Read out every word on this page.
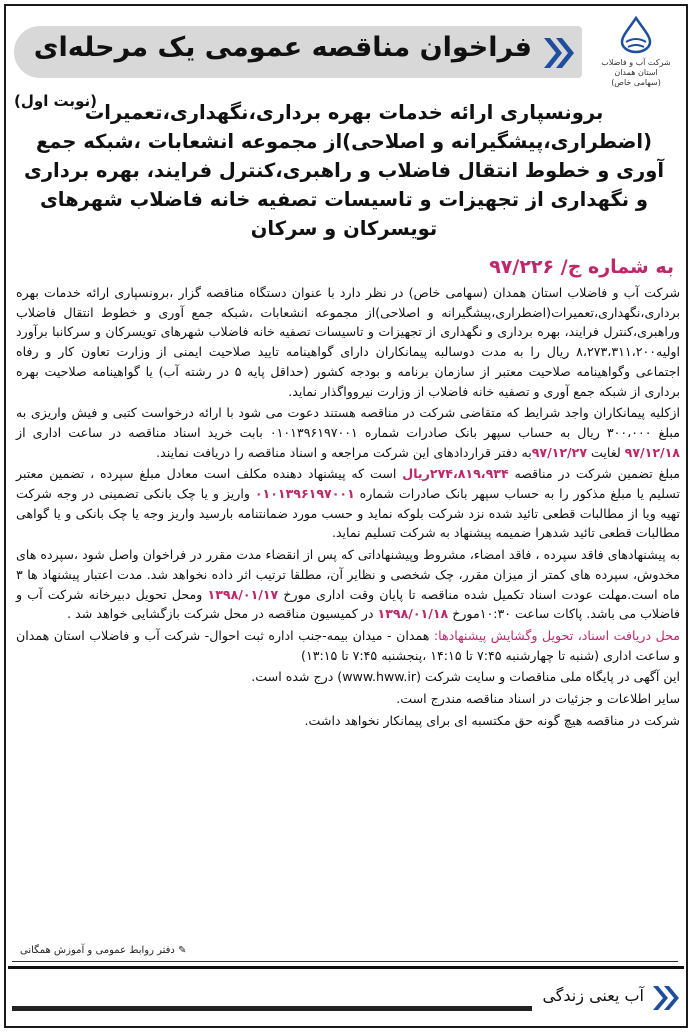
فراخوان مناقصه عمومی یک مرحله‌ای	شرکت آب و فاضلاب
استان همدان
(سهامی خاص)
(نوبت اول)
برونسپاری ارائه خدمات بهره برداری،نگهداری،تعمیرات (اضطراری،پیشگیرانه و اصلاحی)از مجموعه انشعابات ،شبکه جمع آوری و خطوط انتقال فاضلاب و راهبری،کنترل فرایند، بهره برداری و نگهداری از تجهیزات و تاسیسات تصفیه خانه فاضلاب شهرهای تویسرکان و سرکان
به شماره ج/ ۹۷/۲۲۶

شرکت آب و فاضلاب استان همدان (سهامی خاص) در نظر دارد با عنوان دستگاه مناقصه گزار ،برونسپاری ارائه خدمات بهره برداری،نگهداری،تعمیرات(اضطراری،پیشگیرانه و اصلاحی)از مجموعه انشعابات ،شبکه جمع آوری و خطوط انتقال فاضلاب وراهبری،کنترل فرایند، بهره برداری و نگهداری از تجهیزات و تاسیسات تصفیه خانه فاضلاب شهرهای تویسرکان و سرکانبا برآورد اولیه۸،۲۷۳،۳۱۱،۲۰۰ ریال را به مدت دوسالبه پیمانکاران دارای گواهینامه تایید صلاحیت ایمنی از وزارت تعاون کار و رفاه اجتماعی وگواهینامه صلاحیت معتبر از سازمان برنامه و بودجه کشور (حداقل پایه ۵ در رشته آب) یا گواهینامه صلاحیت بهره برداری از شبکه جمع آوری و تصفیه خانه فاضلاب از وزارت نیروواگذار نماید.

ازکلیه پیمانکاران واجد شرایط که متقاضی شرکت در مناقصه هستند دعوت می شود با ارائه درخواست کتبی و فیش واریزی به مبلغ ۳۰۰،۰۰۰ ریال به حساب سپهر بانک صادرات شماره ۰۱۰۱۳۹۶۱۹۷۰۰۱ بابت خرید اسناد مناقصه در ساعت اداری از ۹۷/۱۲/۱۸ لغایت ۹۷/۱۲/۲۷به دفتر قراردادهای این شرکت مراجعه و اسناد مناقصه را دریافت نمایند.

مبلغ تضمین شرکت در مناقصه ۲۷۴،۸۱۹،۹۳۴ریال است که پیشنهاد دهنده مکلف است معادل مبلغ سپرده ، تضمین معتبر تسلیم یا مبلغ مذکور را به حساب سپهر بانک صادرات شماره ۰۱۰۱۳۹۶۱۹۷۰۰۱ واریز و یا چک بانکی تضمینی در وجه شرکت تهیه ویا از مطالبات قطعی تائید شده نزد شرکت بلوکه نماید و حسب مورد ضمانتنامه بارسید واریز وجه یا چک بانکی و یا گواهی مطالبات قطعی تائید شدهرا ضمیمه پیشنهاد به شرکت تسلیم نماید.

به پیشنهادهای فاقد سپرده ، فاقد امضاء، مشروط وپیشنهاداتی که پس از انقضاء مدت مقرر در فراخوان واصل شود ،سپرده های مخدوش، سپرده های کمتر از میزان مقرر، چک شخصی و نظایر آن، مطلقا ترتیب اثر داده نخواهد شد. مدت اعتبار پیشنهاد ها ۳ ماه است.مهلت عودت اسناد تکمیل شده مناقصه تا پایان وقت اداری مورخ ۱۳۹۸/۰۱/۱۷ ومحل تحویل دبیرخانه شرکت آب و فاضلاب می باشد. پاکات ساعت ۱۰:۳۰مورخ ۱۳۹۸/۰۱/۱۸ در کمیسیون مناقصه در محل شرکت بازگشایی خواهد شد .

محل دریافت اسناد، تحویل وگشایش پیشنهادها: همدان - میدان بیمه-جنب اداره ثبت احوال- شرکت آب و فاضلاب استان همدان و ساعت اداری (شنبه تا چهارشنبه ۷:۴۵ تا ۱۴:۱۵ ،پنجشنبه ۷:۴۵ تا ۱۳:۱۵)

این آگهی در پایگاه ملی مناقصات و سایت شرکت (www.hww.ir) درج شده است.

سایر اطلاعات و جزئیات در اسناد مناقصه مندرج است.

شرکت در مناقصه هیچ گونه حق مکتسبه ای برای پیمانکار نخواهد داشت.

✎ دفتر روابط عمومی و آموزش همگانی
آب یعنی زندگی
